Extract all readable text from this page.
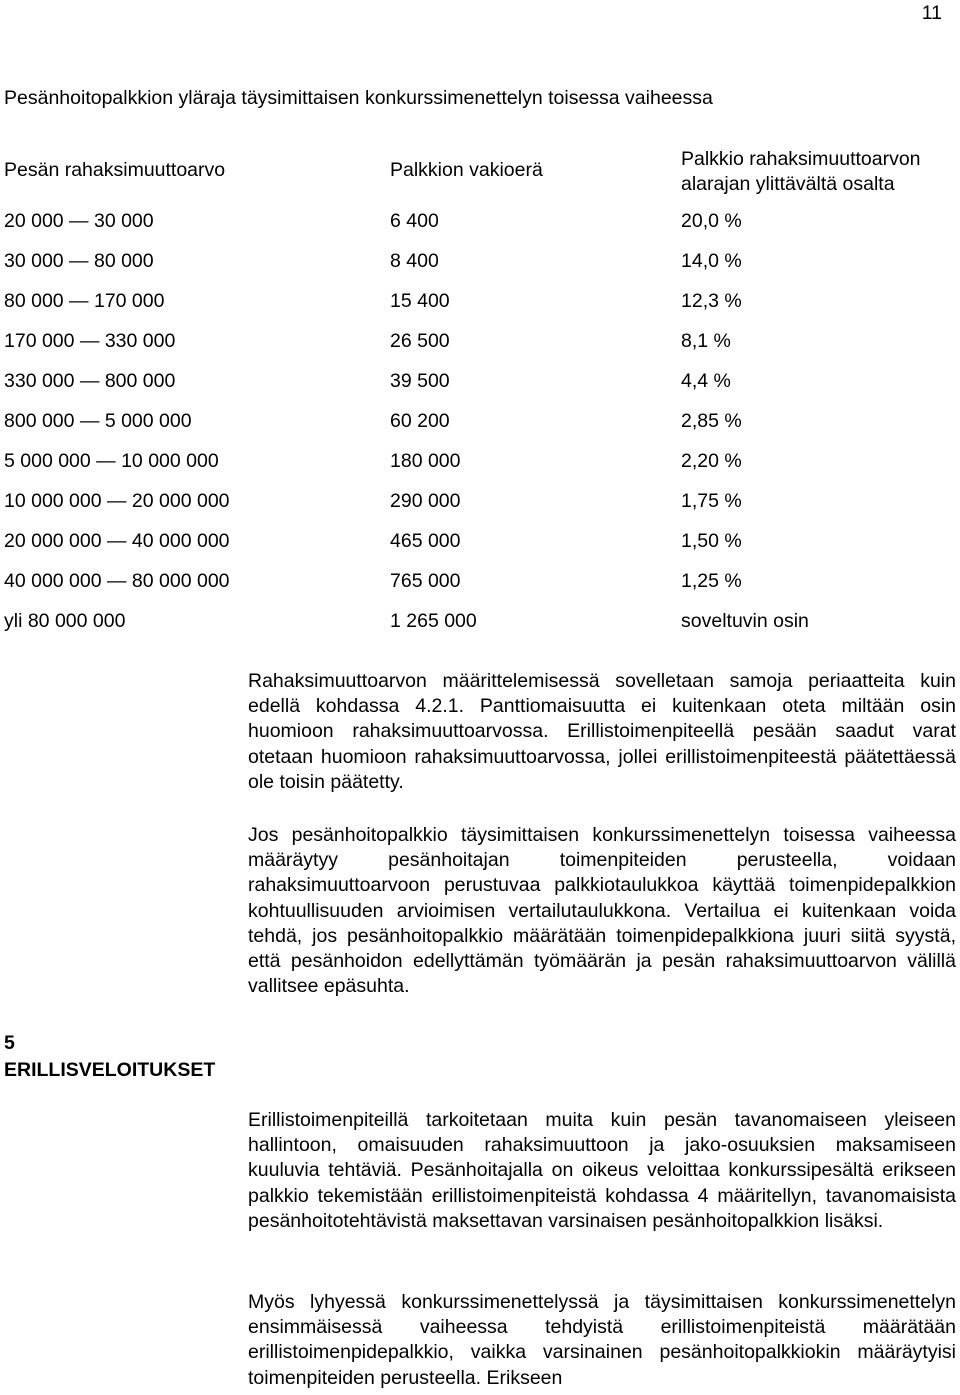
11
Pesänhoitopalkkion yläraja täysimittaisen konkurssimenettelyn toisessa vaiheessa
Pesän rahaksimuuttoarvo	Palkkion vakioerä	Palkkio rahaksimuuttoarvon
alarajan ylittävältä osalta
20 000 — 30 000	6 400	20,0 %
30 000 — 80 000	8 400	14,0 %
80 000 — 170 000	15 400	12,3 %
170 000 — 330 000	26 500	8,1 %
330 000 — 800 000	39 500	4,4 %
800 000 — 5 000 000	60 200	2,85 %
5 000 000 — 10 000 000	180 000	2,20 %
10 000 000 — 20 000 000	290 000	1,75 %
20 000 000 — 40 000 000	465 000	1,50 %
40 000 000 — 80 000 000	765 000	1,25 %
yli 80 000 000	1 265 000	soveltuvin osin

Rahaksimuuttoarvon määrittelemisessä sovelletaan samoja periaatteita kuin edellä kohdassa 4.2.1. Panttiomaisuutta ei kuitenkaan oteta miltään osin huomioon rahaksimuuttoarvossa. Erillistoimenpiteellä pesään saadut varat otetaan huomioon rahaksimuuttoarvossa, jollei erillistoimenpiteestä päätettäessä ole toisin päätetty.

Jos pesänhoitopalkkio täysimittaisen konkurssimenettelyn toisessa vaiheessa määräytyy pesänhoitajan toimenpiteiden perusteella, voidaan rahaksimuuttoarvoon perustuvaa palkkiotaulukkoa käyttää toimenpidepalkkion kohtuullisuuden arvioimisen vertailutaulukkona. Vertailua ei kuitenkaan voida tehdä, jos pesänhoitopalkkio määrätään toimenpidepalkkiona juuri siitä syystä, että pesänhoidon edellyttämän työmäärän ja pesän rahaksimuuttoarvon välillä vallitsee epäsuhta.

5
ERILLISVELOITUKSET

Erillistoimenpiteillä tarkoitetaan muita kuin pesän tavanomaiseen yleiseen hallintoon, omaisuuden rahaksimuuttoon ja jako-osuuksien maksamiseen kuuluvia tehtäviä. Pesänhoitajalla on oikeus veloittaa konkurssipesältä erikseen palkkio tekemistään erillistoimenpiteistä kohdassa 4 määritellyn, tavanomaisista pesänhoitotehtävistä maksettavan varsinaisen pesänhoitopalkkion lisäksi.

Myös lyhyessä konkurssimenettelyssä ja täysimittaisen konkurssimenettelyn ensimmäisessä vaiheessa tehdyistä erillistoimenpiteistä määrätään erillistoimenpidepalkkio, vaikka varsinainen pesänhoitopalkkiokin määräytyisi toimenpiteiden perusteella. Erikseen
